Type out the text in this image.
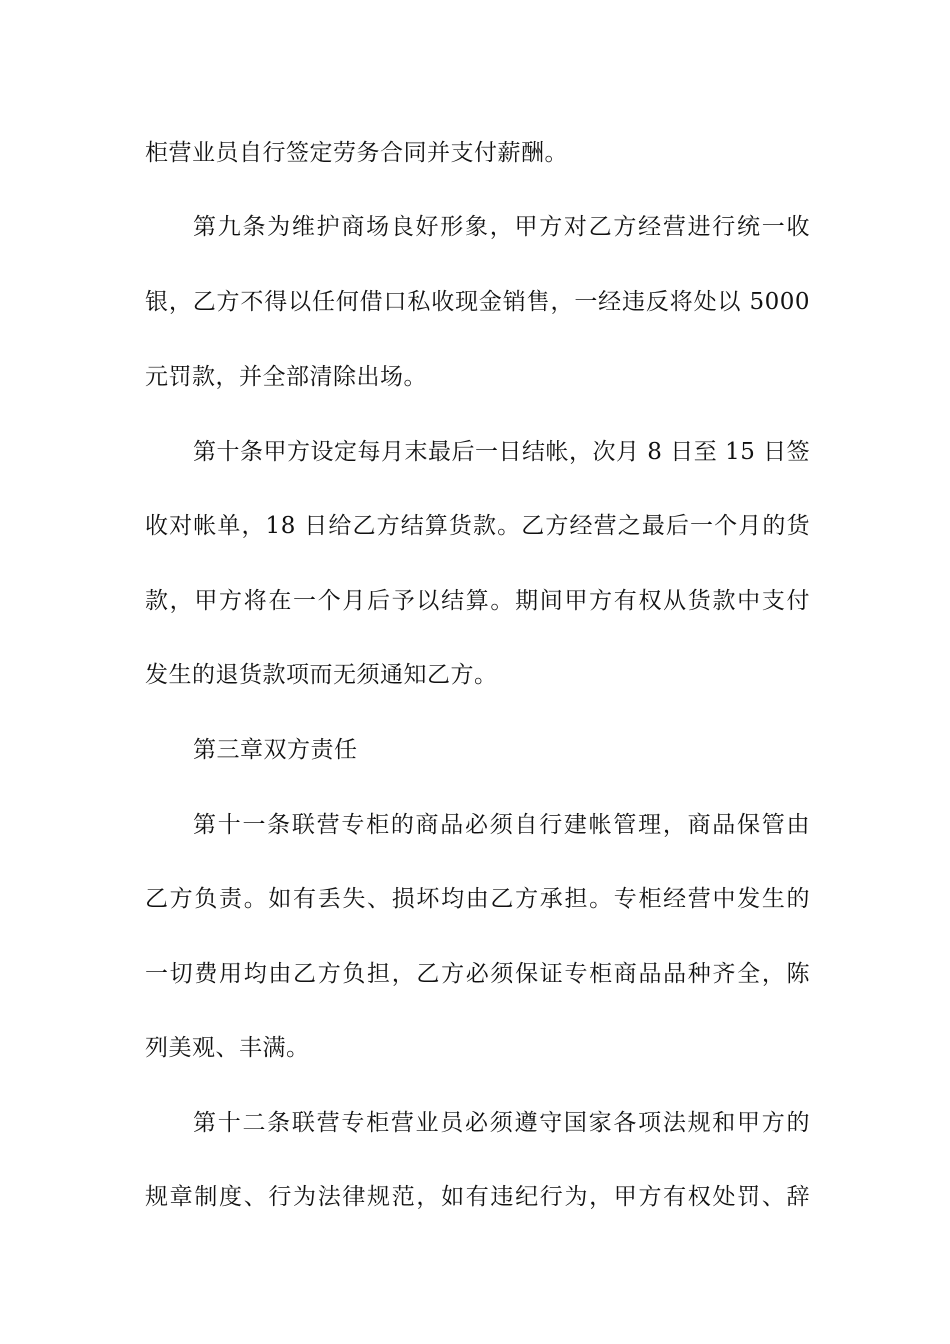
柜营业员自行签定劳务合同并支付薪酬。
第九条为维护商场良好形象，甲方对乙方经营进行统一收
银，乙方不得以任何借口私收现金销售，一经违反将处以 5000
元罚款，并全部清除出场。
第十条甲方设定每月末最后一日结帐，次月 8 日至 15 日签
收对帐单，18 日给乙方结算货款。乙方经营之最后一个月的货
款，甲方将在一个月后予以结算。期间甲方有权从货款中支付
发生的退货款项而无须通知乙方。
第三章双方责任
第十一条联营专柜的商品必须自行建帐管理，商品保管由
乙方负责。如有丢失、损坏均由乙方承担。专柜经营中发生的
一切费用均由乙方负担，乙方必须保证专柜商品品种齐全，陈
列美观、丰满。
第十二条联营专柜营业员必须遵守国家各项法规和甲方的
规章制度、行为法律规范，如有违纪行为，甲方有权处罚、辞
